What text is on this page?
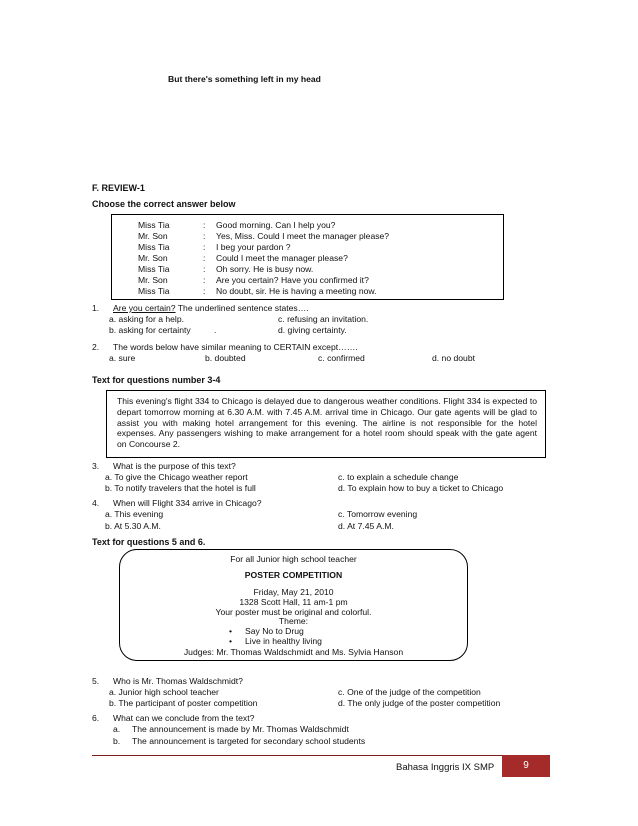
But there's something left in my head
F. REVIEW-1
Choose the correct answer below
Miss Tia	: Good morning. Can I help you?
Mr. Son	: Yes, Miss. Could I meet the manager please?
Miss Tia	: I beg your pardon ?
Mr. Son	: Could I meet the manager please?
Miss Tia	: Oh sorry. He is busy now.
Mr. Son	: Are you certain? Have you confirmed it?
Miss Tia	: No doubt, sir. He is having a meeting now.
1. Are you certain? The underlined sentence states….
a. asking for a help.	c. refusing an invitation.
b. asking for certainty	.	d. giving certainty.
2. The words below have similar meaning to CERTAIN except…….
a. sure	b. doubted	c. confirmed	d. no doubt
Text for questions number 3-4
This evening's flight 334 to Chicago is delayed due to dangerous weather conditions. Flight 334 is expected to depart tomorrow morning at 6.30 A.M. with 7.45 A.M. arrival time in Chicago. Our gate agents will be glad to assist you with making hotel arrangement for this evening. The airline is not responsible for the hotel expenses. Any passengers wishing to make arrangement for a hotel room should speak with the gate agent on Concourse 2.
3. What is the purpose of this text?
a. To give the Chicago weather report	c. to explain a schedule change
b. To notify travelers that the hotel is full	d. To explain how to buy a ticket to Chicago
4. When will Flight 334 arrive in Chicago?
a. This evening	c. Tomorrow evening
b. At 5.30 A.M.	d. At 7.45 A.M.
Text for questions 5 and 6.
For all Junior high school teacher
POSTER COMPETITION
Friday, May 21, 2010
1328 Scott Hall, 11 am-1 pm
Your poster must be original and colorful.
Theme:
• Say No to Drug
• Live in healthy living
Judges: Mr. Thomas Waldschmidt and Ms. Sylvia Hanson
5. Who is Mr. Thomas Waldschmidt?
a. Junior high school teacher	c. One of the judge of the competition
b. The participant of poster competition	d. The only judge of the poster competition
6. What can we conclude from the text?
a. The announcement is made by Mr. Thomas Waldschmidt
b. The announcement is targeted for secondary school students
Bahasa Inggris IX SMP	9
